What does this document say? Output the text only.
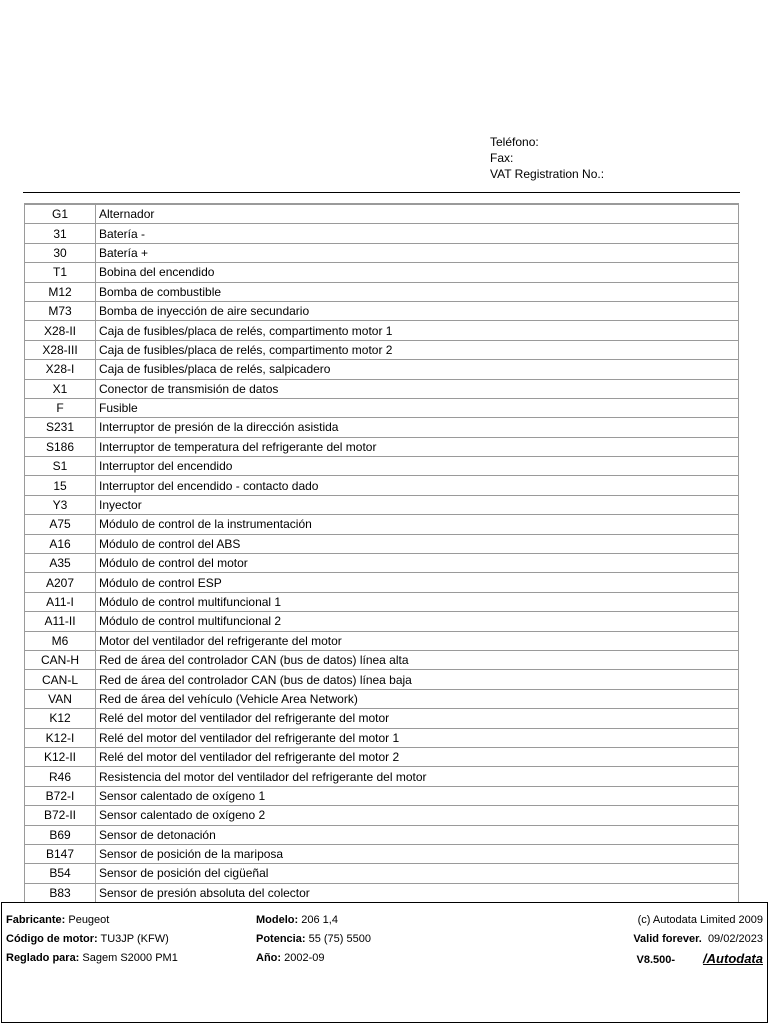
Teléfono:
Fax:
VAT Registration No.:
G1	Alternador
31	Batería -
30	Batería +
T1	Bobina del encendido
M12	Bomba de combustible
M73	Bomba de inyección de aire secundario
X28-II	Caja de fusibles/placa de relés, compartimento motor 1
X28-III	Caja de fusibles/placa de relés, compartimento motor 2
X28-I	Caja de fusibles/placa de relés, salpicadero
X1	Conector de transmisión de datos
F	Fusible
S231	Interruptor de presión de la dirección asistida
S186	Interruptor de temperatura del refrigerante del motor
S1	Interruptor del encendido
15	Interruptor del encendido - contacto dado
Y3	Inyector
A75	Módulo de control de la instrumentación
A16	Módulo de control del ABS
A35	Módulo de control del motor
A207	Módulo de control ESP
A11-I	Módulo de control multifuncional 1
A11-II	Módulo de control multifuncional 2
M6	Motor del ventilador del refrigerante del motor
CAN-H	Red de área del controlador CAN (bus de datos) línea alta
CAN-L	Red de área del controlador CAN (bus de datos) línea baja
VAN	Red de área del vehículo (Vehicle Area Network)
K12	Relé del motor del ventilador del refrigerante del motor
K12-I	Relé del motor del ventilador del refrigerante del motor 1
K12-II	Relé del motor del ventilador del refrigerante del motor 2
R46	Resistencia del motor del ventilador del refrigerante del motor
B72-I	Sensor calentado de oxígeno 1
B72-II	Sensor calentado de oxígeno 2
B69	Sensor de detonación
B147	Sensor de posición de la mariposa
B54	Sensor de posición del cigüeñal
B83	Sensor de presión absoluta del colector
Fabricante: Peugeot
Código de motor: TU3JP (KFW)
Reglado para: Sagem S2000 PM1
Modelo: 206 1,4
Potencia: 55 (75) 5500
Año: 2002-09
(c) Autodata Limited 2009
Valid forever. 09/02/2023
V8.500- /Autodata
